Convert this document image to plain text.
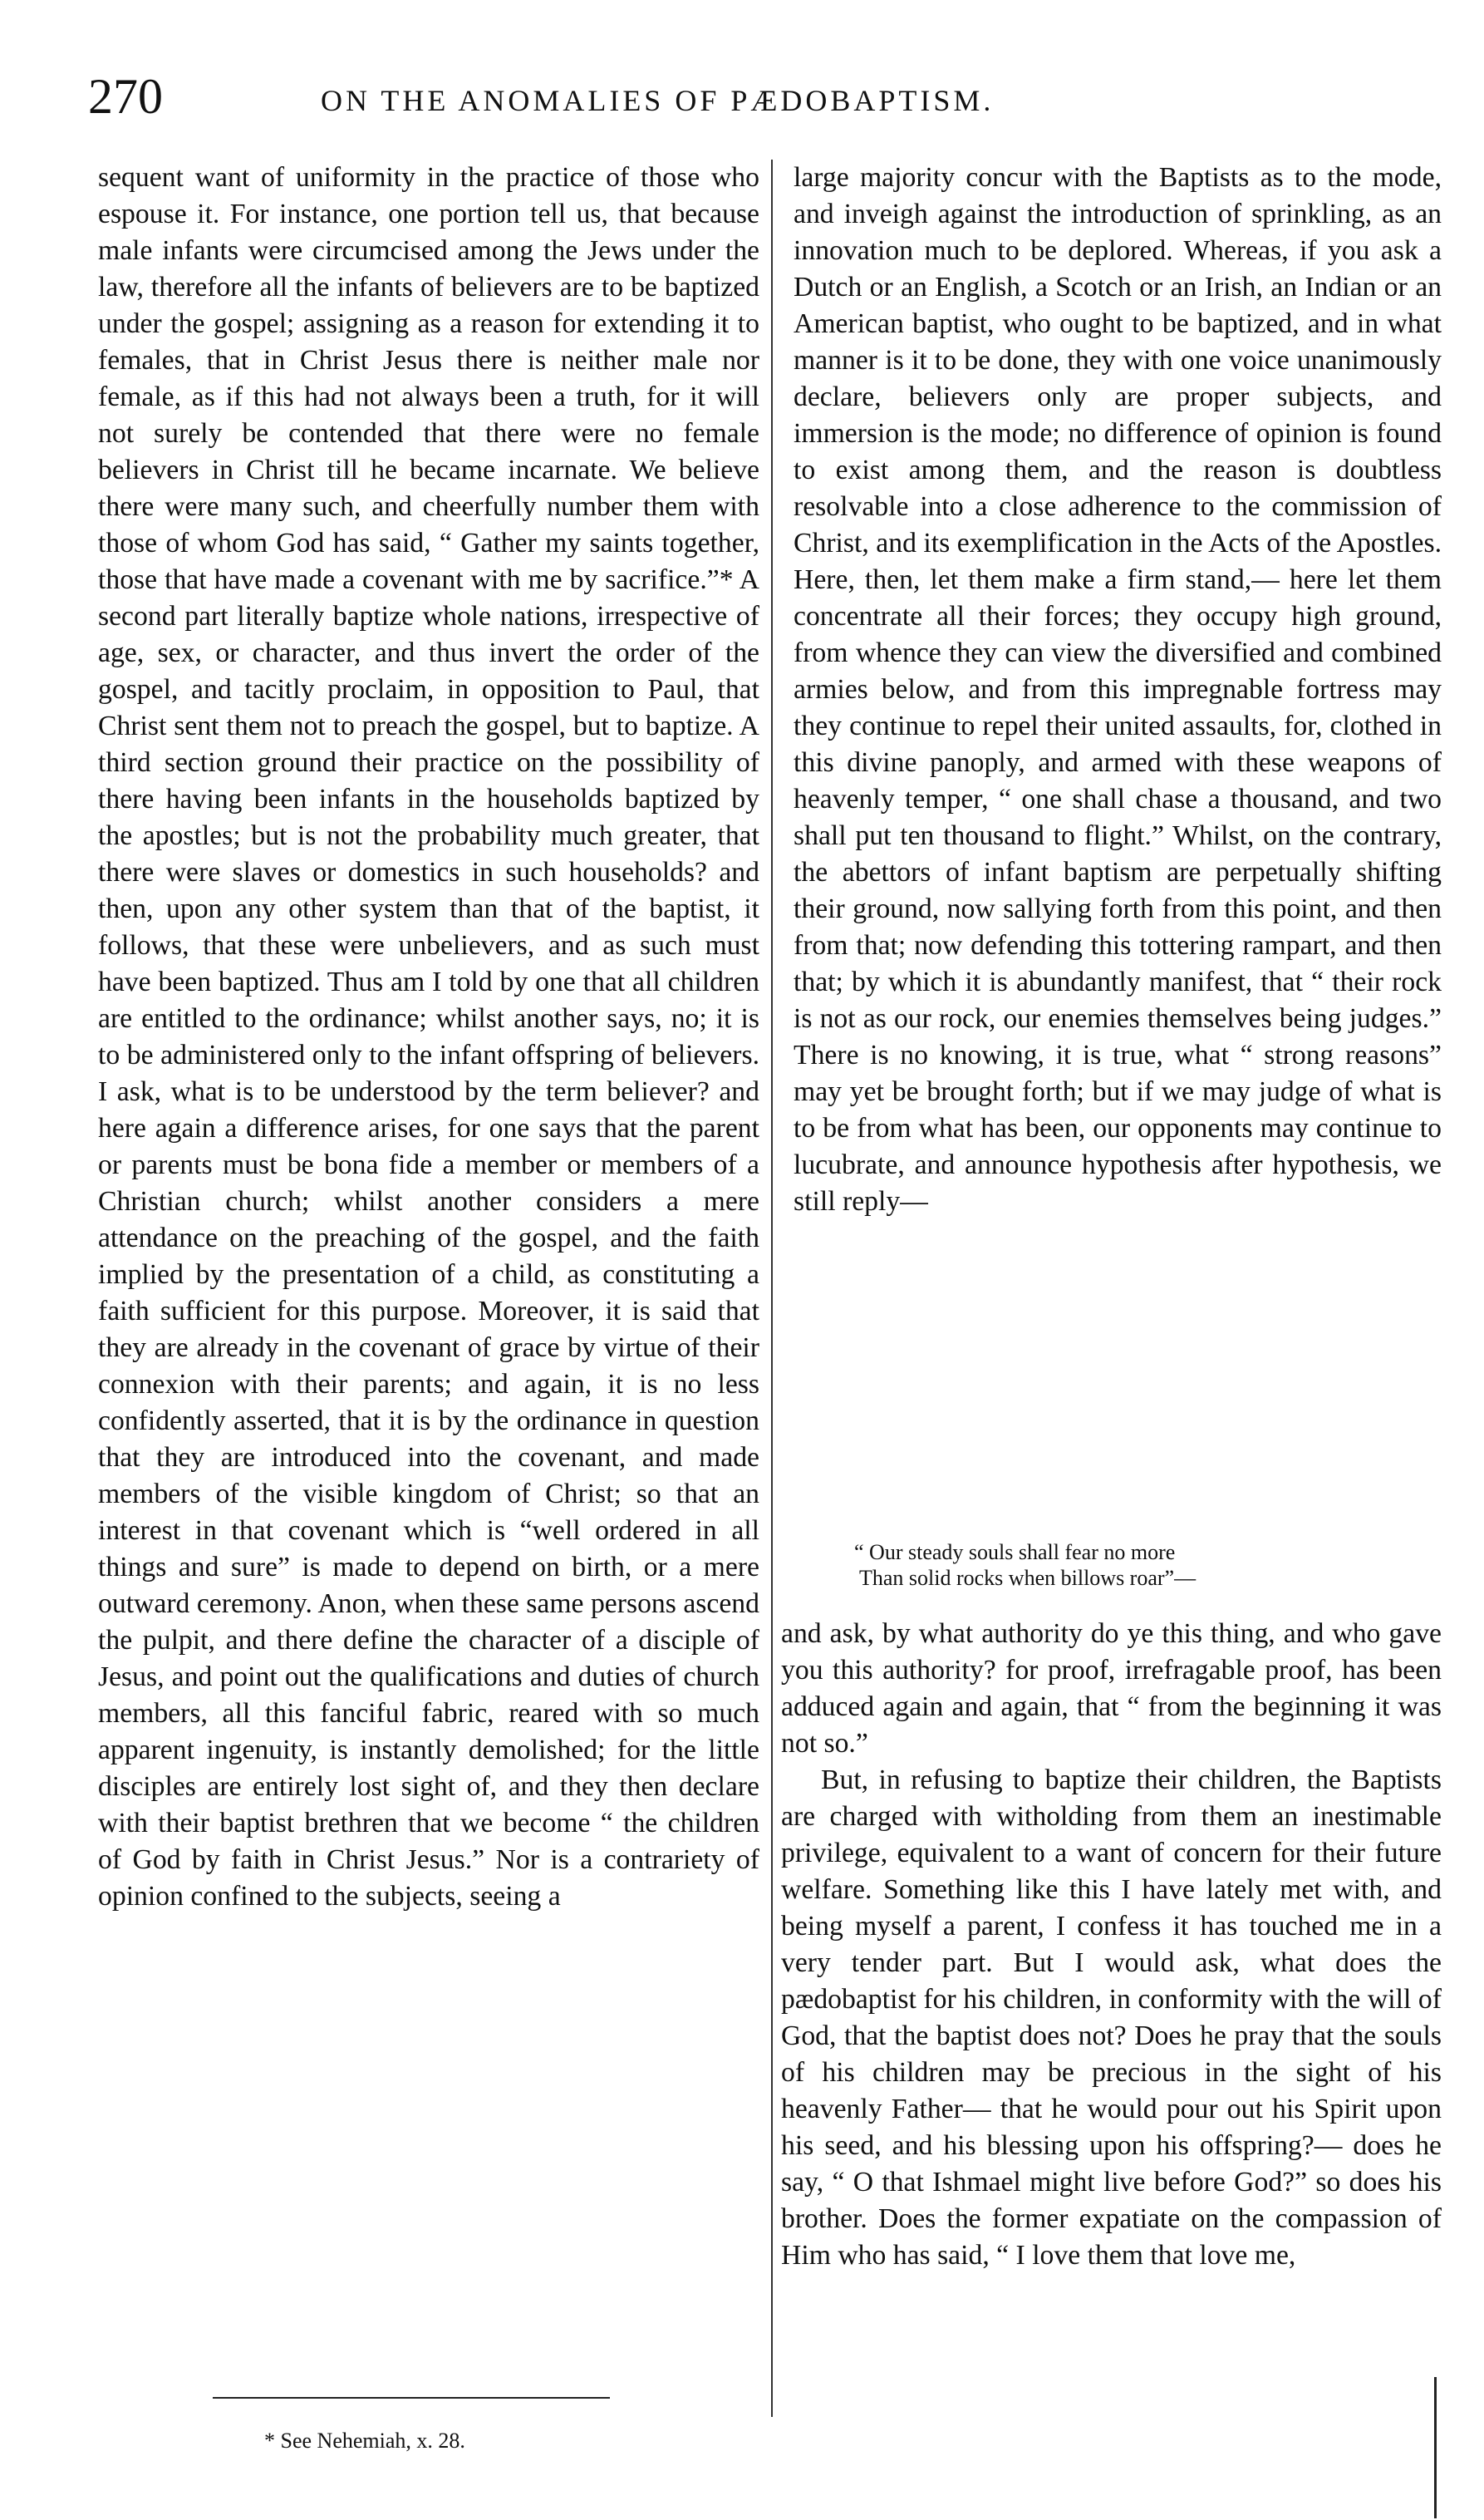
270	ON THE ANOMALIES OF PÆDOBAPTISM.

sequent want of uniformity in the practice of those who espouse it. For instance, one portion tell us, that because male infants were circumcised among the Jews under the law, therefore all the infants of believers are to be baptized under the gospel; assigning as a reason for extending it to females, that in Christ Jesus there is neither male nor female, as if this had not always been a truth, for it will not surely be contended that there were no female believers in Christ till he became incarnate. We believe there were many such, and cheerfully number them with those of whom God has said, “ Gather my saints together, those that have made a covenant with me by sacrifice.”* A second part literally baptize whole nations, irrespective of age, sex, or character, and thus invert the order of the gospel, and tacitly proclaim, in opposition to Paul, that Christ sent them not to preach the gospel, but to baptize. A third section ground their practice on the possibility of there having been infants in the households baptized by the apostles; but is not the probability much greater, that there were slaves or domestics in such households? and then, upon any other system than that of the baptist, it follows, that these were unbelievers, and as such must have been baptized. Thus am I told by one that all children are entitled to the ordinance; whilst another says, no; it is to be administered only to the infant offspring of believers. I ask, what is to be understood by the term believer? and here again a difference arises, for one says that the parent or parents must be bona fide a member or members of a Christian church; whilst another considers a mere attendance on the preaching of the gospel, and the faith implied by the presentation of a child, as constituting a faith sufficient for this purpose. Moreover, it is said that they are already in the covenant of grace by virtue of their connexion with their parents; and again, it is no less confidently asserted, that it is by the ordinance in question that they are introduced into the covenant, and made members of the visible kingdom of Christ; so that an interest in that covenant which is “well ordered in all things and sure” is made to depend on birth, or a mere outward ceremony. Anon, when these same persons ascend the pulpit, and there define the character of a disciple of Jesus, and point out the qualifications and duties of church members, all this fanciful fabric, reared with so much apparent ingenuity, is instantly demolished; for the little disciples are entirely lost sight of, and they then declare with their baptist brethren that we become “ the children of God by faith in Christ Jesus.” Nor is a contrariety of opinion confined to the subjects, seeing a

large majority concur with the Baptists as to the mode, and inveigh against the introduction of sprinkling, as an innovation much to be deplored. Whereas, if you ask a Dutch or an English, a Scotch or an Irish, an Indian or an American baptist, who ought to be baptized, and in what manner is it to be done, they with one voice unanimously declare, believers only are proper subjects, and immersion is the mode; no difference of opinion is found to exist among them, and the reason is doubtless resolvable into a close adherence to the commission of Christ, and its exemplification in the Acts of the Apostles. Here, then, let them make a firm stand,— here let them concentrate all their forces; they occupy high ground, from whence they can view the diversified and combined armies below, and from this impregnable fortress may they continue to repel their united assaults, for, clothed in this divine panoply, and armed with these weapons of heavenly temper, “ one shall chase a thousand, and two shall put ten thousand to flight.” Whilst, on the contrary, the abettors of infant baptism are perpetually shifting their ground, now sallying forth from this point, and then from that; now defending this tottering rampart, and then that; by which it is abundantly manifest, that “ their rock is not as our rock, our enemies themselves being judges.” There is no knowing, it is true, what “ strong reasons” may yet be brought forth; but if we may judge of what is to be from what has been, our opponents may continue to lucubrate, and announce hypothesis after hypothesis, we still reply—

“ Our steady souls shall fear no more
Than solid rocks when billows roar”—

and ask, by what authority do ye this thing, and who gave you this authority? for proof, irrefragable proof, has been adduced again and again, that “ from the beginning it was not so.”

But, in refusing to baptize their children, the Baptists are charged with witholding from them an inestimable privilege, equivalent to a want of concern for their future welfare. Something like this I have lately met with, and being myself a parent, I confess it has touched me in a very tender part. But I would ask, what does the pædobaptist for his children, in conformity with the will of God, that the baptist does not? Does he pray that the souls of his children may be precious in the sight of his heavenly Father— that he would pour out his Spirit upon his seed, and his blessing upon his offspring?— does he say, “ O that Ishmael might live before God?” so does his brother. Does the former expatiate on the compassion of Him who has said, “ I love them that love me,

* See Nehemiah, x. 28.
